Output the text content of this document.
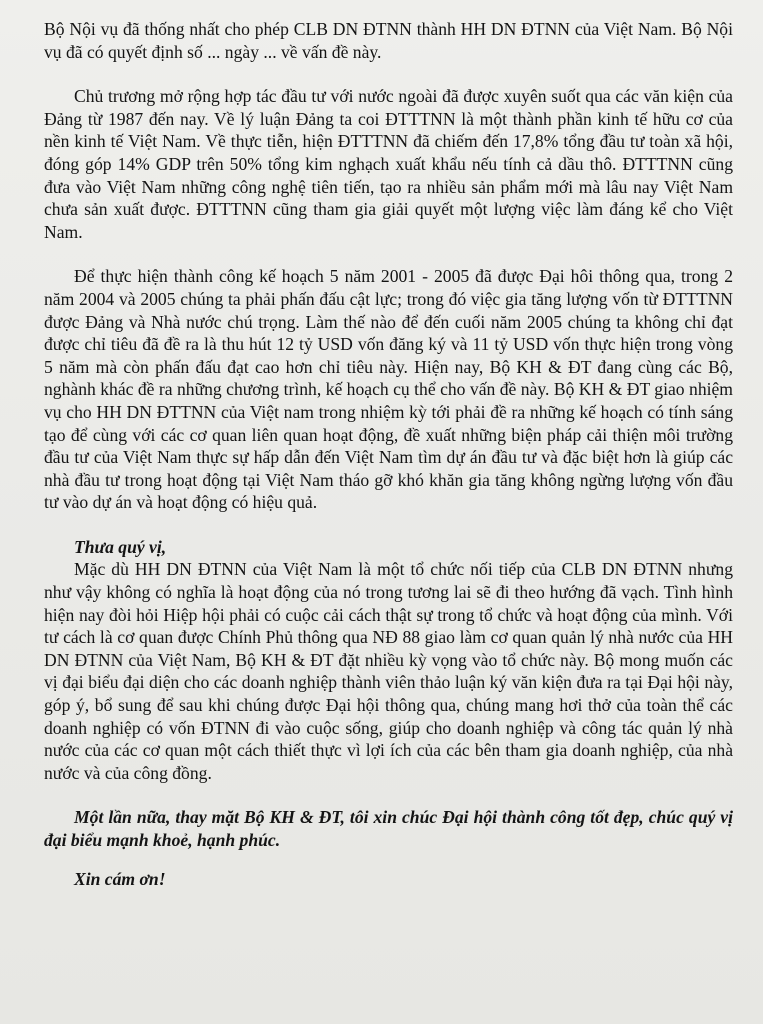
Bộ Nội vụ đã thống nhất cho phép CLB DN ĐTNN thành HH DN ĐTNN của Việt Nam. Bộ Nội vụ đã có quyết định số ... ngày ... về vấn đề này.

Chủ trương mở rộng hợp tác đầu tư với nước ngoài đã được xuyên suốt qua các văn kiện của Đảng từ 1987 đến nay. Về lý luận Đảng ta coi ĐTTTNN là một thành phần kinh tế hữu cơ của nền kinh tế Việt Nam. Về thực tiễn, hiện ĐTTTNN đã chiếm đến 17,8% tổng đầu tư toàn xã hội, đóng góp 14% GDP trên 50% tổng kim nghạch xuất khẩu nếu tính cả dầu thô. ĐTTTNN cũng đưa vào Việt Nam những công nghệ tiên tiến, tạo ra nhiều sản phẩm mới mà lâu nay Việt Nam chưa sản xuất được. ĐTTTNN cũng tham gia giải quyết một lượng việc làm đáng kể cho Việt Nam.

Để thực hiện thành công kế hoạch 5 năm 2001 - 2005 đã được Đại hôi thông qua, trong 2 năm 2004 và 2005 chúng ta phải phấn đấu cật lực; trong đó việc gia tăng lượng vốn từ ĐTTTNN được Đảng và Nhà nước chú trọng. Làm thế nào để đến cuối năm 2005 chúng ta không chỉ đạt được chỉ tiêu đã đề ra là thu hút 12 tỷ USD vốn đăng ký và 11 tỷ USD vốn thực hiện trong vòng 5 năm mà còn phấn đấu đạt cao hơn chỉ tiêu này. Hiện nay, Bộ KH & ĐT đang cùng các Bộ, nghành khác đề ra những chương trình, kế hoạch cụ thể cho vấn đề này. Bộ KH & ĐT giao nhiệm vụ cho HH DN ĐTTNN của Việt nam trong nhiệm kỳ tới phải đề ra những kế hoạch có tính sáng tạo để cùng với các cơ quan liên quan hoạt động, đề xuất những biện pháp cải thiện môi trường đầu tư của Việt Nam thực sự hấp dẫn đến Việt Nam tìm dự án đầu tư và đặc biệt hơn là giúp các nhà đầu tư trong hoạt động tại Việt Nam tháo gỡ khó khăn gia tăng không ngừng lượng vốn đầu tư vào dự án và hoạt động có hiệu quả.

Thưa quý vị,

Mặc dù HH DN ĐTNN của Việt Nam là một tổ chức nối tiếp của CLB DN ĐTNN nhưng như vậy không có nghĩa là hoạt động của nó trong tương lai sẽ đi theo hướng đã vạch. Tình hình hiện nay đòi hỏi Hiệp hội phải có cuộc cải cách thật sự trong tổ chức và hoạt động của mình. Với tư cách là cơ quan được Chính Phủ thông qua NĐ 88 giao làm cơ quan quản lý nhà nước của HH DN ĐTNN của Việt Nam, Bộ KH & ĐT đặt nhiều kỳ vọng vào tổ chức này. Bộ mong muốn các vị đại biểu đại diện cho các doanh nghiệp thành viên thảo luận ký văn kiện đưa ra tại Đại hội này, góp ý, bổ sung để sau khi chúng được Đại hội thông qua, chúng mang hơi thở của toàn thể các doanh nghiệp có vốn ĐTNN đi vào cuộc sống, giúp cho doanh nghiệp và công tác quản lý nhà nước của các cơ quan một cách thiết thực vì lợi ích của các bên tham gia doanh nghiệp, của nhà nước và của công đồng.

Một lần nữa, thay mặt Bộ KH & ĐT, tôi xin chúc Đại hội thành công tốt đẹp, chúc quý vị đại biểu mạnh khoẻ, hạnh phúc.

Xin cám ơn!
